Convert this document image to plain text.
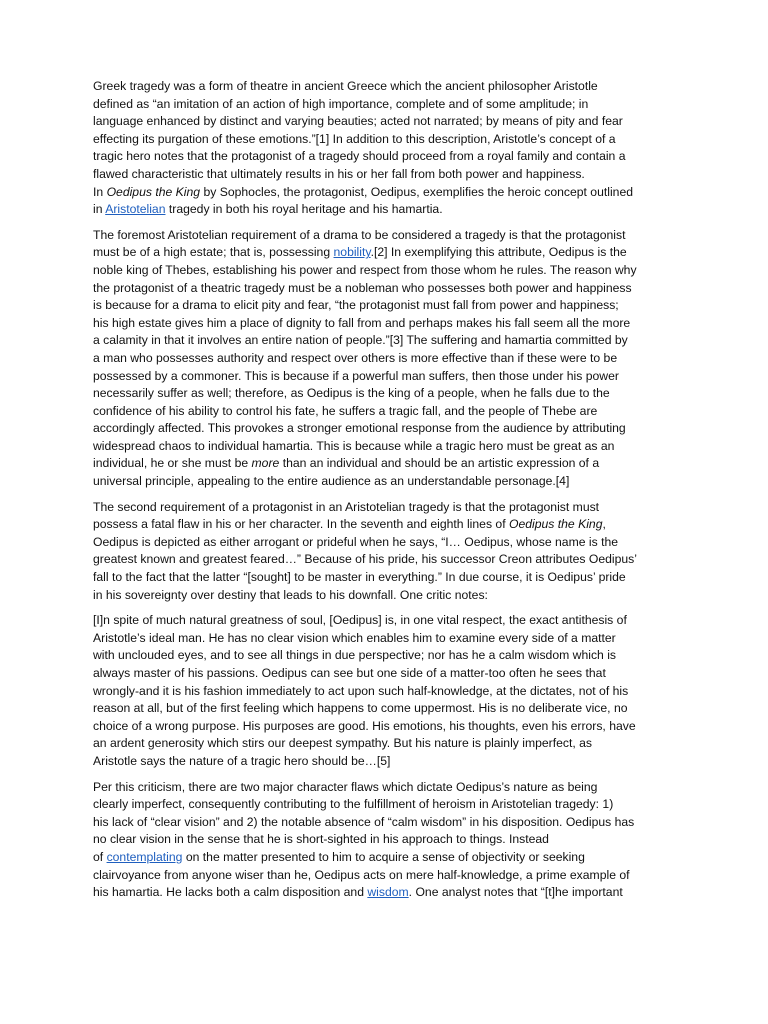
Greek tragedy was a form of theatre in ancient Greece which the ancient philosopher Aristotle
defined as “an imitation of an action of high importance, complete and of some amplitude; in
language enhanced by distinct and varying beauties; acted not narrated; by means of pity and fear
effecting its purgation of these emotions.”[1] In addition to this description, Aristotle’s concept of a
tragic hero notes that the protagonist of a tragedy should proceed from a royal family and contain a
flawed characteristic that ultimately results in his or her fall from both power and happiness.
In Oedipus the King by Sophocles, the protagonist, Oedipus, exemplifies the heroic concept outlined
in Aristotelian tragedy in both his royal heritage and his hamartia.

The foremost Aristotelian requirement of a drama to be considered a tragedy is that the protagonist
must be of a high estate; that is, possessing nobility.[2] In exemplifying this attribute, Oedipus is the
noble king of Thebes, establishing his power and respect from those whom he rules. The reason why
the protagonist of a theatric tragedy must be a nobleman who possesses both power and happiness
is because for a drama to elicit pity and fear, “the protagonist must fall from power and happiness;
his high estate gives him a place of dignity to fall from and perhaps makes his fall seem all the more
a calamity in that it involves an entire nation of people.”[3] The suffering and hamartia committed by
a man who possesses authority and respect over others is more effective than if these were to be
possessed by a commoner. This is because if a powerful man suffers, then those under his power
necessarily suffer as well; therefore, as Oedipus is the king of a people, when he falls due to the
confidence of his ability to control his fate, he suffers a tragic fall, and the people of Thebe are
accordingly affected. This provokes a stronger emotional response from the audience by attributing
widespread chaos to individual hamartia. This is because while a tragic hero must be great as an
individual, he or she must be more than an individual and should be an artistic expression of a
universal principle, appealing to the entire audience as an understandable personage.[4]

The second requirement of a protagonist in an Aristotelian tragedy is that the protagonist must
possess a fatal flaw in his or her character. In the seventh and eighth lines of Oedipus the King,
Oedipus is depicted as either arrogant or prideful when he says, “I… Oedipus, whose name is the
greatest known and greatest feared…” Because of his pride, his successor Creon attributes Oedipus’
fall to the fact that the latter “[sought] to be master in everything.” In due course, it is Oedipus’ pride
in his sovereignty over destiny that leads to his downfall. One critic notes:

[I]n spite of much natural greatness of soul, [Oedipus] is, in one vital respect, the exact antithesis of
Aristotle’s ideal man. He has no clear vision which enables him to examine every side of a matter
with unclouded eyes, and to see all things in due perspective; nor has he a calm wisdom which is
always master of his passions. Oedipus can see but one side of a matter-too often he sees that
wrongly-and it is his fashion immediately to act upon such half-knowledge, at the dictates, not of his
reason at all, but of the first feeling which happens to come uppermost. His is no deliberate vice, no
choice of a wrong purpose. His purposes are good. His emotions, his thoughts, even his errors, have
an ardent generosity which stirs our deepest sympathy. But his nature is plainly imperfect, as
Aristotle says the nature of a tragic hero should be…[5]

Per this criticism, there are two major character flaws which dictate Oedipus’s nature as being
clearly imperfect, consequently contributing to the fulfillment of heroism in Aristotelian tragedy: 1)
his lack of “clear vision” and 2) the notable absence of “calm wisdom” in his disposition. Oedipus has
no clear vision in the sense that he is short-sighted in his approach to things. Instead
of contemplating on the matter presented to him to acquire a sense of objectivity or seeking
clairvoyance from anyone wiser than he, Oedipus acts on mere half-knowledge, a prime example of
his hamartia. He lacks both a calm disposition and wisdom. One analyst notes that “[t]he important
